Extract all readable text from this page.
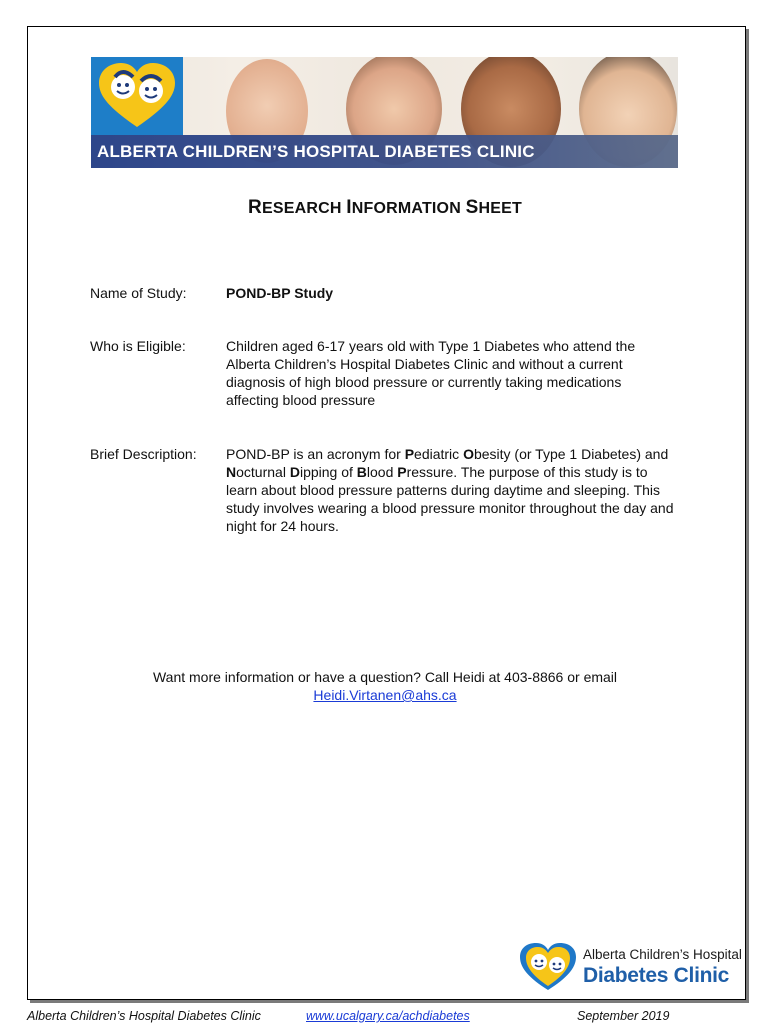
ALBERTA CHILDREN’S HOSPITAL DIABETES CLINIC
RESEARCH INFORMATION SHEET
Name of Study:	POND-BP Study
Who is Eligible:	Children aged 6-17 years old with Type 1 Diabetes who attend the Alberta Children’s Hospital Diabetes Clinic and without a current diagnosis of high blood pressure or currently taking medications affecting blood pressure
Brief Description: POND-BP is an acronym for Pediatric Obesity (or Type 1 Diabetes) and Nocturnal Dipping of Blood Pressure. The purpose of this study is to learn about blood pressure patterns during daytime and sleeping. This study involves wearing a blood pressure monitor throughout the day and night for 24 hours.
Want more information or have a question? Call Heidi at 403-8866 or email
Heidi.Virtanen@ahs.ca
Alberta Children’s Hospital
Diabetes Clinic
Alberta Children’s Hospital Diabetes Clinic	www.ucalgary.ca/achdiabetes	September 2019
